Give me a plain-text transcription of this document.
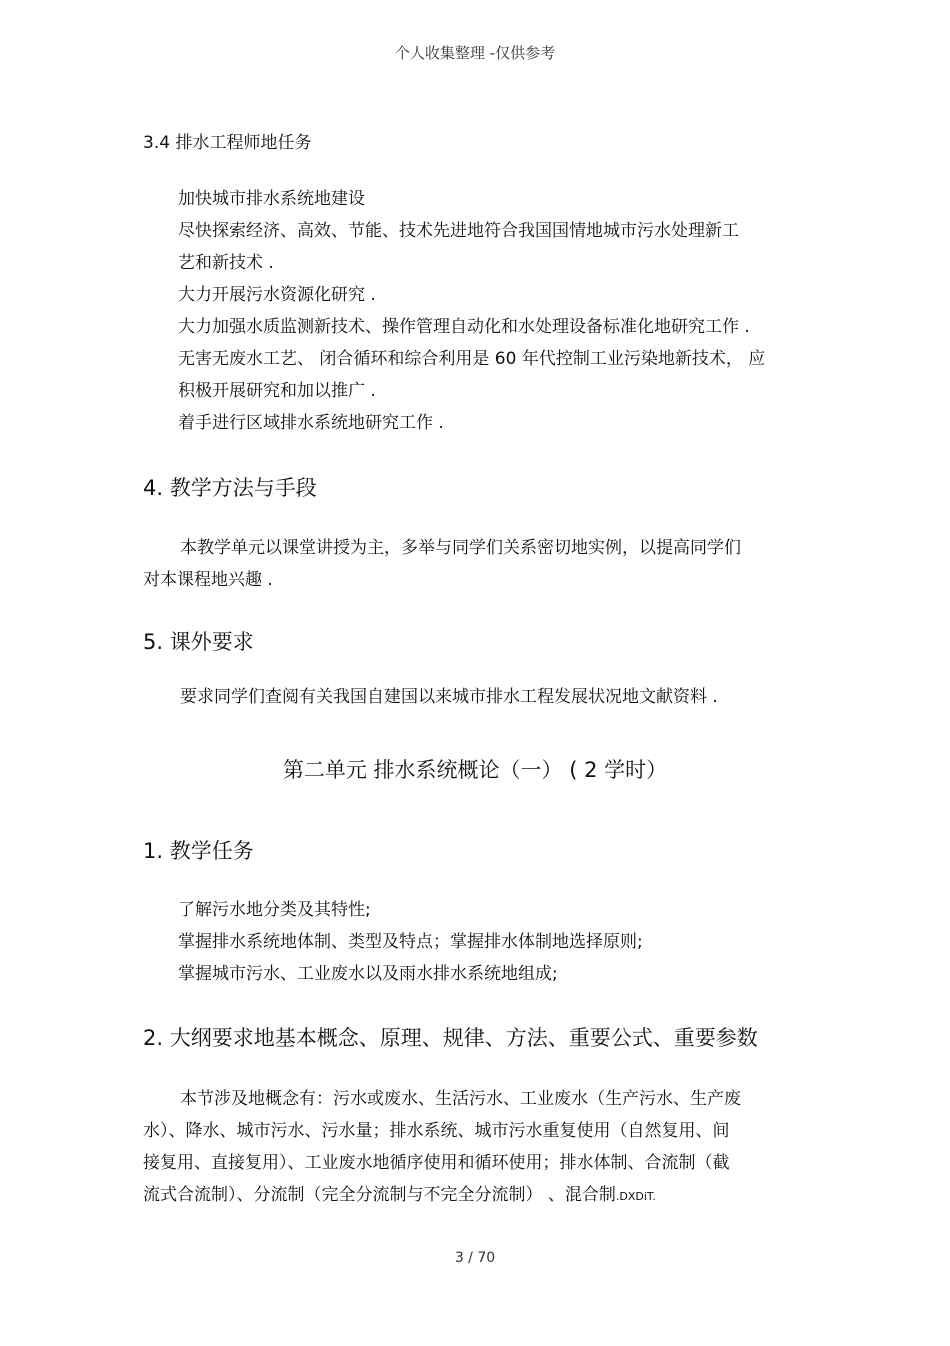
个人收集整理 -仅供参考
3.4 排水工程师地任务
加快城市排水系统地建设
尽快探索经济、高效、节能、技术先进地符合我国国情地城市污水处理新工
艺和新技术 .
大力开展污水资源化研究 .
大力加强水质监测新技术、操作管理自动化和水处理设备标准化地研究工作 .
无害无废水工艺、 闭合循环和综合利用是 60 年代控制工业污染地新技术， 应
积极开展研究和加以推广 .
着手进行区域排水系统地研究工作 .
4. 教学方法与手段
本教学单元以课堂讲授为主，多举与同学们关系密切地实例，以提高同学们
对本课程地兴趣 .
5. 课外要求
要求同学们查阅有关我国自建国以来城市排水工程发展状况地文献资料 .
第二单元 排水系统概论（一） ( 2 学时）
1. 教学任务
了解污水地分类及其特性;
掌握排水系统地体制、类型及特点；掌握排水体制地选择原则;
掌握城市污水、工业废水以及雨水排水系统地组成;
2. 大纲要求地基本概念、原理、规律、方法、重要公式、重要参数
本节涉及地概念有：污水或废水、生活污水、工业废水（生产污水、生产废
水）、降水、城市污水、污水量；排水系统、城市污水重复使用（自然复用、间
接复用、直接复用）、工业废水地循序使用和循环使用；排水体制、合流制（截
流式合流制）、分流制（完全分流制与不完全分流制） 、混合制.DXDiT.
3 / 70
